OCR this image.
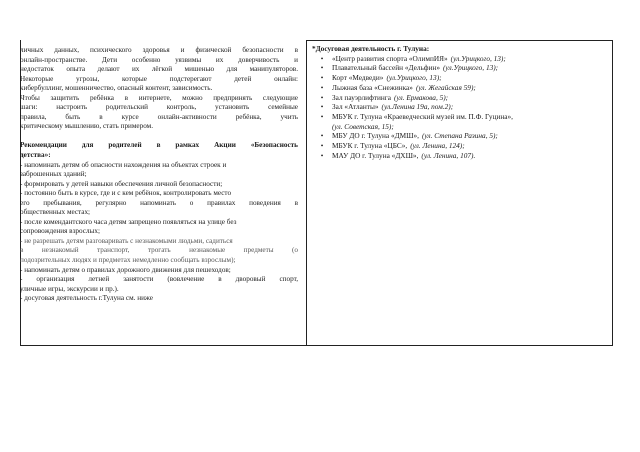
личных данных, психического здоровья и физической безопасности в
онлайн-пространстве. Дети особенно уязвимы их доверчивость и
недостаток опыта делают их лёгкой мишенью для манипуляторов.
Некоторые угрозы, которые подстерегают детей онлайн:
кибербуллинг, мошенничество, опасный контент, зависимость.
Чтобы защитить ребёнка в интернете, можно предпринять следующие
шаги: настроить родительский контроль, установить семейные
правила, быть в курсе онлайн-активности ребёнка, учить
критическому мышлению, стать примером.
Рекомендации для родителей в рамках Акции «Безопасность
детства»:
- напоминать детям об опасности нахождения на объектах строек и
заброшенных зданий;
- формировать у детей навыки обеспечения личной безопасности;
- постоянно быть в курсе, где и с кем ребёнок, контролировать место
его пребывания, регулярно напоминать о правилах поведения в
общественных местах;
- после комендантского часа детям запрещено появляться на улице без
сопровождения взрослых;
- не разрешать детям разговаривать с незнакомыми людьми, садиться
в незнакомый транспорт, трогать незнакомые предметы (о
подозрительных людях и предметах немедленно сообщать взрослым);
- напоминать детям о правилах дорожного движения для пешеходов;
- организация летней занятости (вовлечение в дворовый спорт,
уличные игры, экскурсии и пр.).
- досуговая деятельность г.Тулуна см. ниже
*Досуговая деятельность г. Тулуна:
•	«Центр развития спорта «ОлимпИЯ» (ул.Урицкого, 13);
•	Плавательный бассейн «Дельфин» (ул.Урицкого, 13);
•	Корт «Медведи» (ул.Урицкого, 13);
•	Лыжная база «Снежинка» (ул. Жегайская 59);
•	Зал пауэрлифтинга (ул. Ермакова, 5);
•	Зал «Атланты» (ул.Ленина 19а, пом.2);
•	МБУК г. Тулуна «Краеведческий музей им. П.Ф. Гуцина»,
(ул. Советская, 15);
•	МБУ ДО г. Тулуна «ДМШ», (ул. Степана Разина, 5);
•	МБУК г. Тулуна «ЦБС», (ул. Ленина, 124);
•	МАУ ДО г. Тулуна «ДХШ», (ул. Ленина, 107).
